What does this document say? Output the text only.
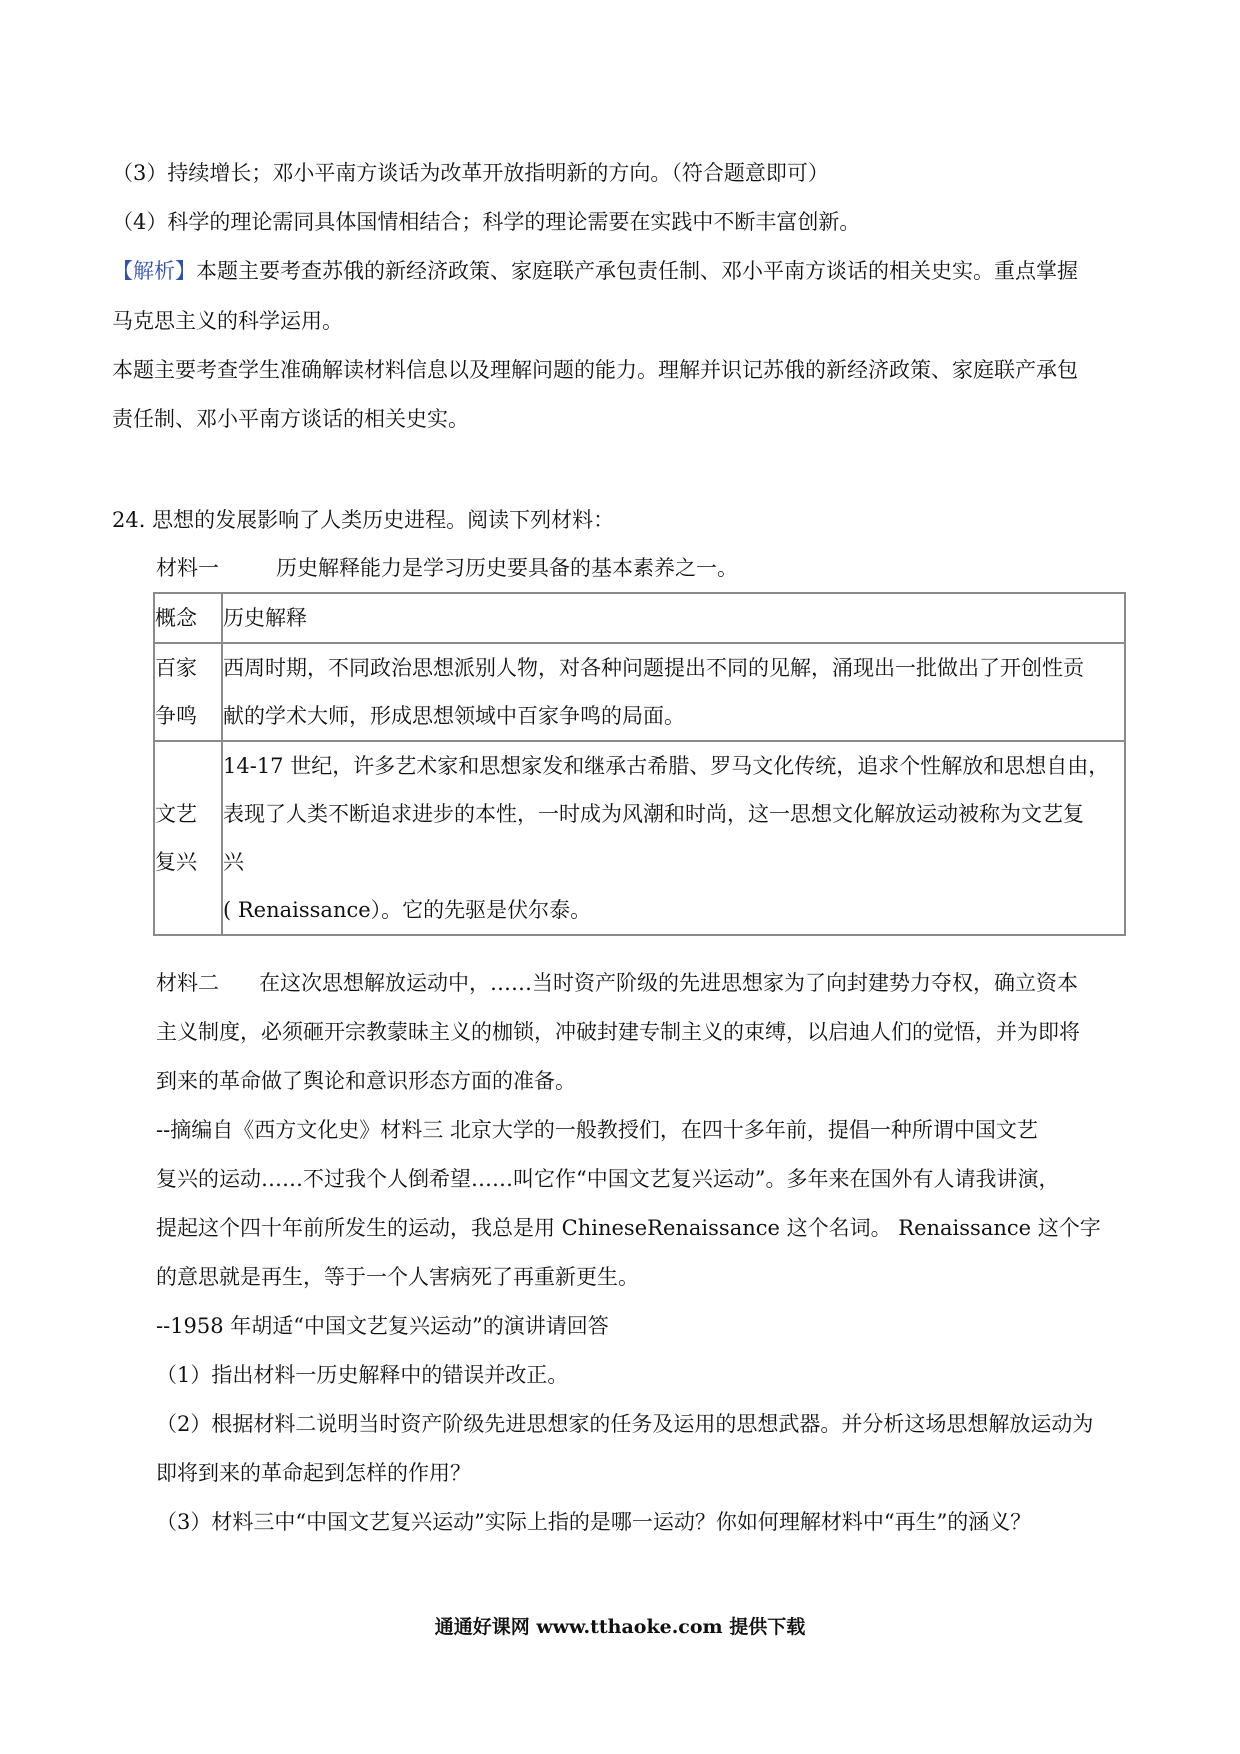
（3）持续增长；邓小平南方谈话为改革开放指明新的方向。（符合题意即可）
（4）科学的理论需同具体国情相结合；科学的理论需要在实践中不断丰富创新。
【解析】本题主要考查苏俄的新经济政策、家庭联产承包责任制、邓小平南方谈话的相关史实。重点掌握
马克思主义的科学运用。
本题主要考查学生准确解读材料信息以及理解问题的能力。理解并识记苏俄的新经济政策、家庭联产承包
责任制、邓小平南方谈话的相关史实。
24. 思想的发展影响了人类历史进程。阅读下列材料：
材料一	历史解释能力是学习历史要具备的基本素养之一。
概念	历史解释
百家
争鸣	西周时期，不同政治思想派别人物，对各种问题提出不同的见解，涌现出一批做出了开创性贡
献的学术大师，形成思想领域中百家争鸣的局面。
文艺
复兴	14-17 世纪，许多艺术家和思想家发和继承古希腊、罗马文化传统，追求个性解放和思想自由，
表现了人类不断追求进步的本性，一时成为风潮和时尚，这一思想文化解放运动被称为文艺复
兴
( Renaissance）。它的先驱是伏尔泰。
材料二 在这次思想解放运动中，……当时资产阶级的先进思想家为了向封建势力夺权，确立资本
主义制度，必须砸开宗教蒙昧主义的枷锁，冲破封建专制主义的束缚，以启迪人们的觉悟，并为即将
到来的革命做了舆论和意识形态方面的准备。
--摘编自《西方文化史》材料三 北京大学的一般教授们，在四十多年前，提倡一种所谓中国文艺
复兴的运动……不过我个人倒希望……叫它作“中国文艺复兴运动”。多年来在国外有人请我讲演，
提起这个四十年前所发生的运动，我总是用 ChineseRenaissance 这个名词。 Renaissance 这个字
的意思就是再生，等于一个人害病死了再重新更生。
--1958 年胡适“中国文艺复兴运动”的演讲请回答
（1）指出材料一历史解释中的错误并改正。
（2）根据材料二说明当时资产阶级先进思想家的任务及运用的思想武器。并分析这场思想解放运动为
即将到来的革命起到怎样的作用？
（3）材料三中“中国文艺复兴运动”实际上指的是哪一运动？你如何理解材料中“再生”的涵义？
通通好课网 www.tthaoke.com 提供下载
